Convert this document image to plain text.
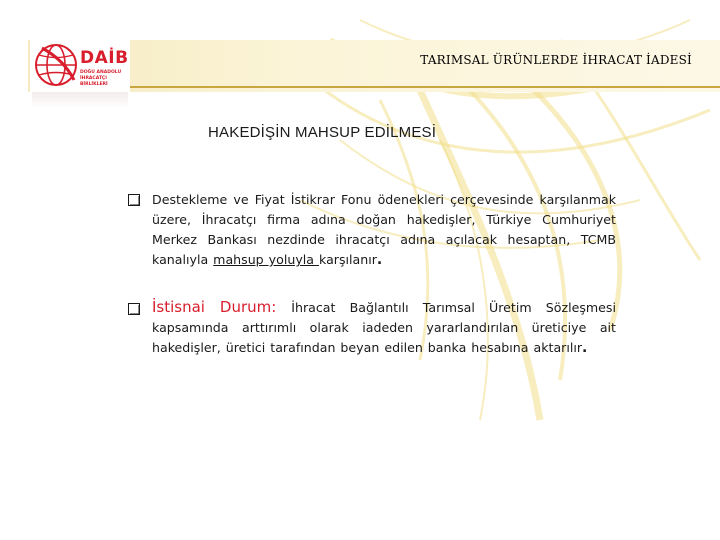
DAİB
DOĞU ANADOLU İHRACATÇI BİRLİKLERİ
TARIMSAL ÜRÜNLERDE İHRACAT İADESİ
HAKEDİŞİN MAHSUP EDİLMESİ
Destekleme ve Fiyat İstikrar Fonu ödenekleri çerçevesinde karşılanmak üzere, İhracatçı firma adına doğan hakedişler, Türkiye Cumhuriyet Merkez Bankası nezdinde ihracatçı adına açılacak hesaptan, TCMB kanalıyla mahsup yoluyla karşılanır.
İstisnai Durum: İhracat Bağlantılı Tarımsal Üretim Sözleşmesi kapsamında arttırımlı olarak iadeden yararlandırılan üreticiye ait hakedişler, üretici tarafından beyan edilen banka hesabına aktarılır.
